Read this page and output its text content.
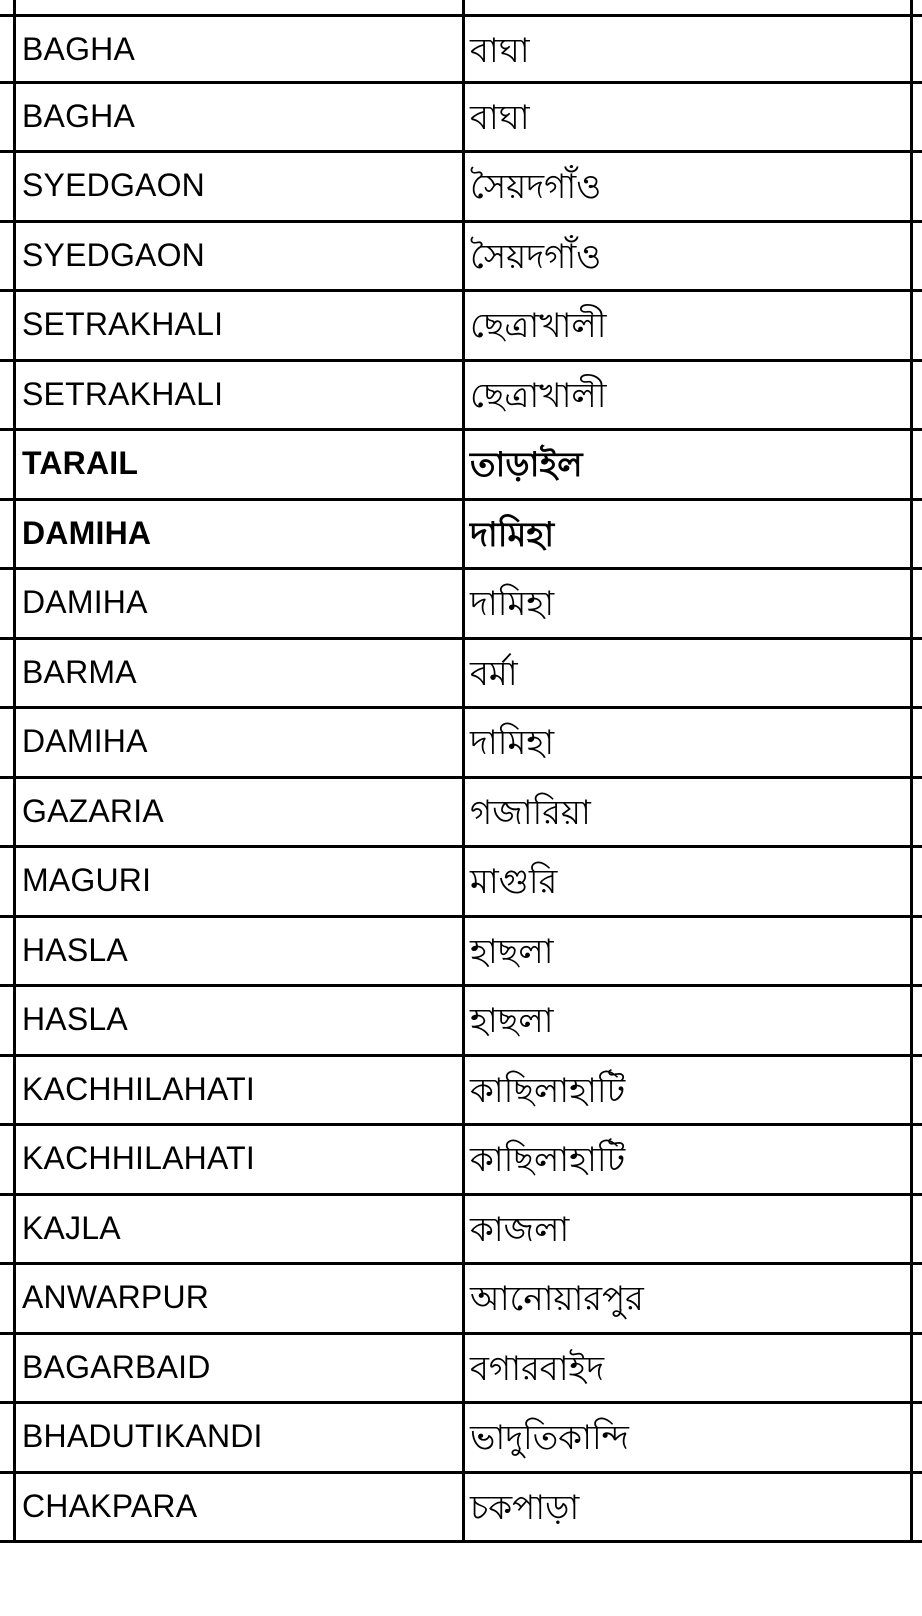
BAGHA	বাঘা
BAGHA	বাঘা
SYEDGAON	সৈয়দগাঁও
SYEDGAON	সৈয়দগাঁও
SETRAKHALI	ছেত্রাখালী
SETRAKHALI	ছেত্রাখালী
TARAIL	তাড়াইল
DAMIHA	দামিহা
DAMIHA	দামিহা
BARMA	বর্মা
DAMIHA	দামিহা
GAZARIA	গজারিয়া
MAGURI	মাগুরি
HASLA	হাছলা
HASLA	হাছলা
KACHHILAHATI	কাছিলাহাটি
KACHHILAHATI	কাছিলাহাটি
KAJLA	কাজলা
ANWARPUR	আনোয়ারপুর
BAGARBAID	বগারবাইদ
BHADUTIKANDI	ভাদুতিকান্দি
CHAKPARA	চকপাড়া
